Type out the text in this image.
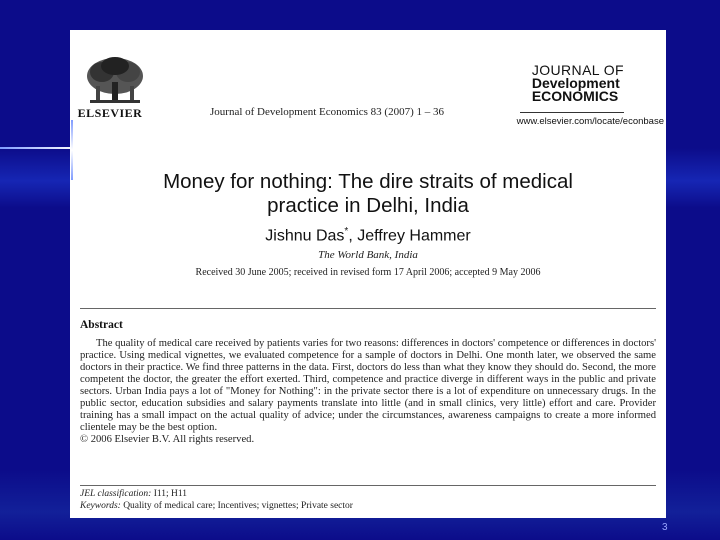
ELSEVIER	Journal of Development Economics 83 (2007) 1 – 36
JOURNAL OF
Development
ECONOMICS
www.elsevier.com/locate/econbase
Money for nothing: The dire straits of medical
practice in Delhi, India
Jishnu Das*, Jeffrey Hammer
The World Bank, India
Received 30 June 2005; received in revised form 17 April 2006; accepted 9 May 2006
Abstract

The quality of medical care received by patients varies for two reasons: differences in doctors' competence or differences in doctors' practice. Using medical vignettes, we evaluated competence for a sample of doctors in Delhi. One month later, we observed the same doctors in their practice. We find three patterns in the data. First, doctors do less than what they know they should do. Second, the more competent the doctor, the greater the effort exerted. Third, competence and practice diverge in different ways in the public and private sectors. Urban India pays a lot of "Money for Nothing": in the private sector there is a lot of expenditure on unnecessary drugs. In the public sector, education subsidies and salary payments translate into little (and in small clinics, very little) effort and care. Provider training has a small impact on the actual quality of advice; under the circumstances, awareness campaigns to create a more informed clientele may be the best option.

© 2006 Elsevier B.V. All rights reserved.

JEL classification: I11; H11
Keywords: Quality of medical care; Incentives; vignettes; Private sector
3
